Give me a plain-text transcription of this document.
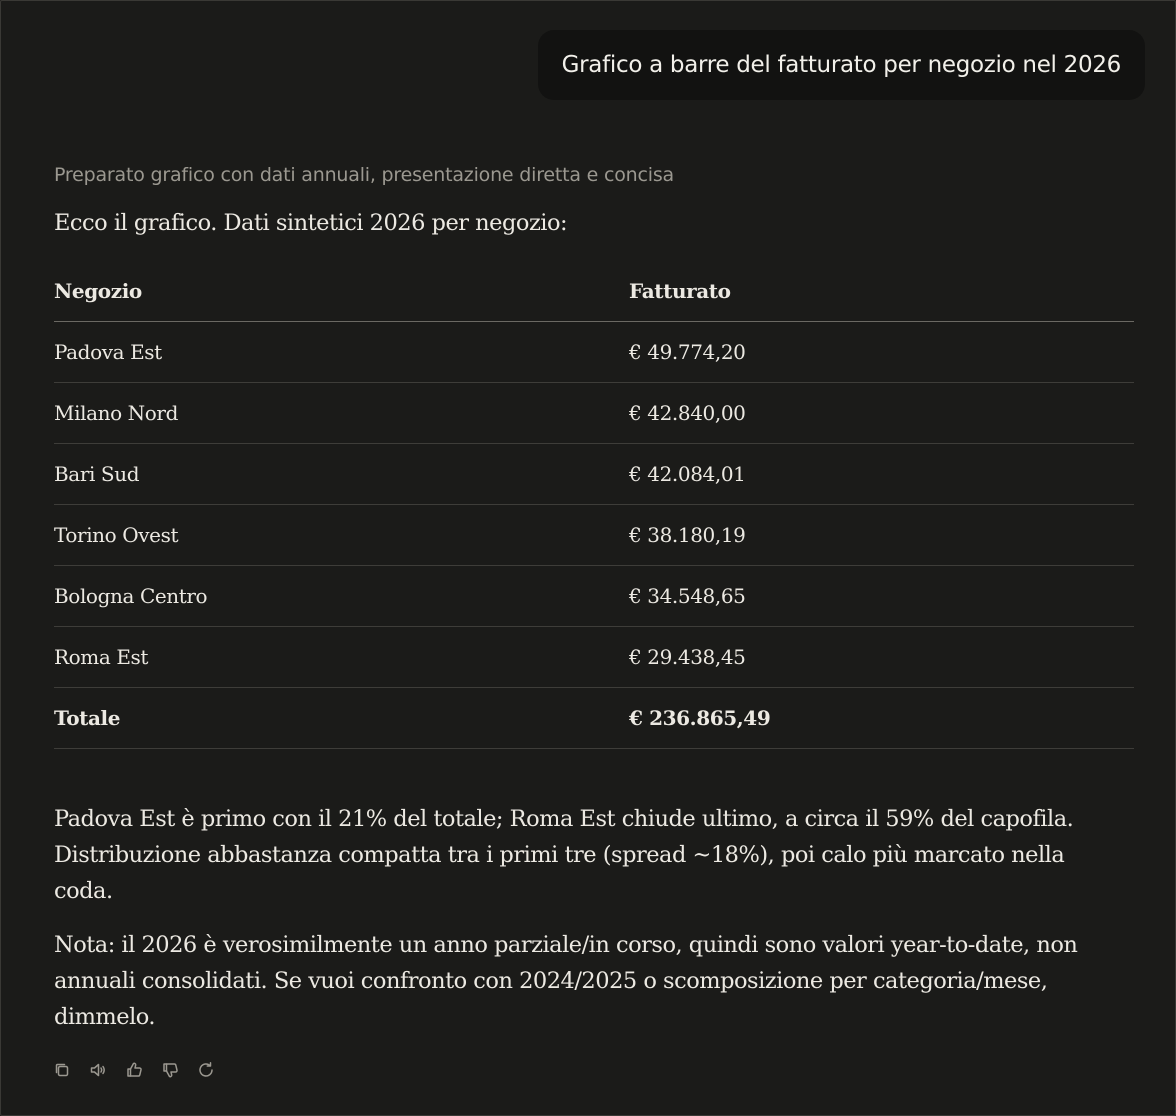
Grafico a barre del fatturato per negozio nel 2026
Preparato grafico con dati annuali, presentazione diretta e concisa
Ecco il grafico. Dati sintetici 2026 per negozio:
Negozio	Fatturato
Padova Est	€ 49.774,20
Milano Nord	€ 42.840,00
Bari Sud	€ 42.084,01
Torino Ovest	€ 38.180,19
Bologna Centro	€ 34.548,65
Roma Est	€ 29.438,45
Totale	€ 236.865,49

Padova Est è primo con il 21% del totale; Roma Est chiude ultimo, a circa il 59% del capofila. Distribuzione abbastanza compatta tra i primi tre (spread ~18%), poi calo più marcato nella coda.

Nota: il 2026 è verosimilmente un anno parziale/in corso, quindi sono valori year-to-date, non annuali consolidati. Se vuoi confronto con 2024/2025 o scomposizione per categoria/mese, dimmelo.
